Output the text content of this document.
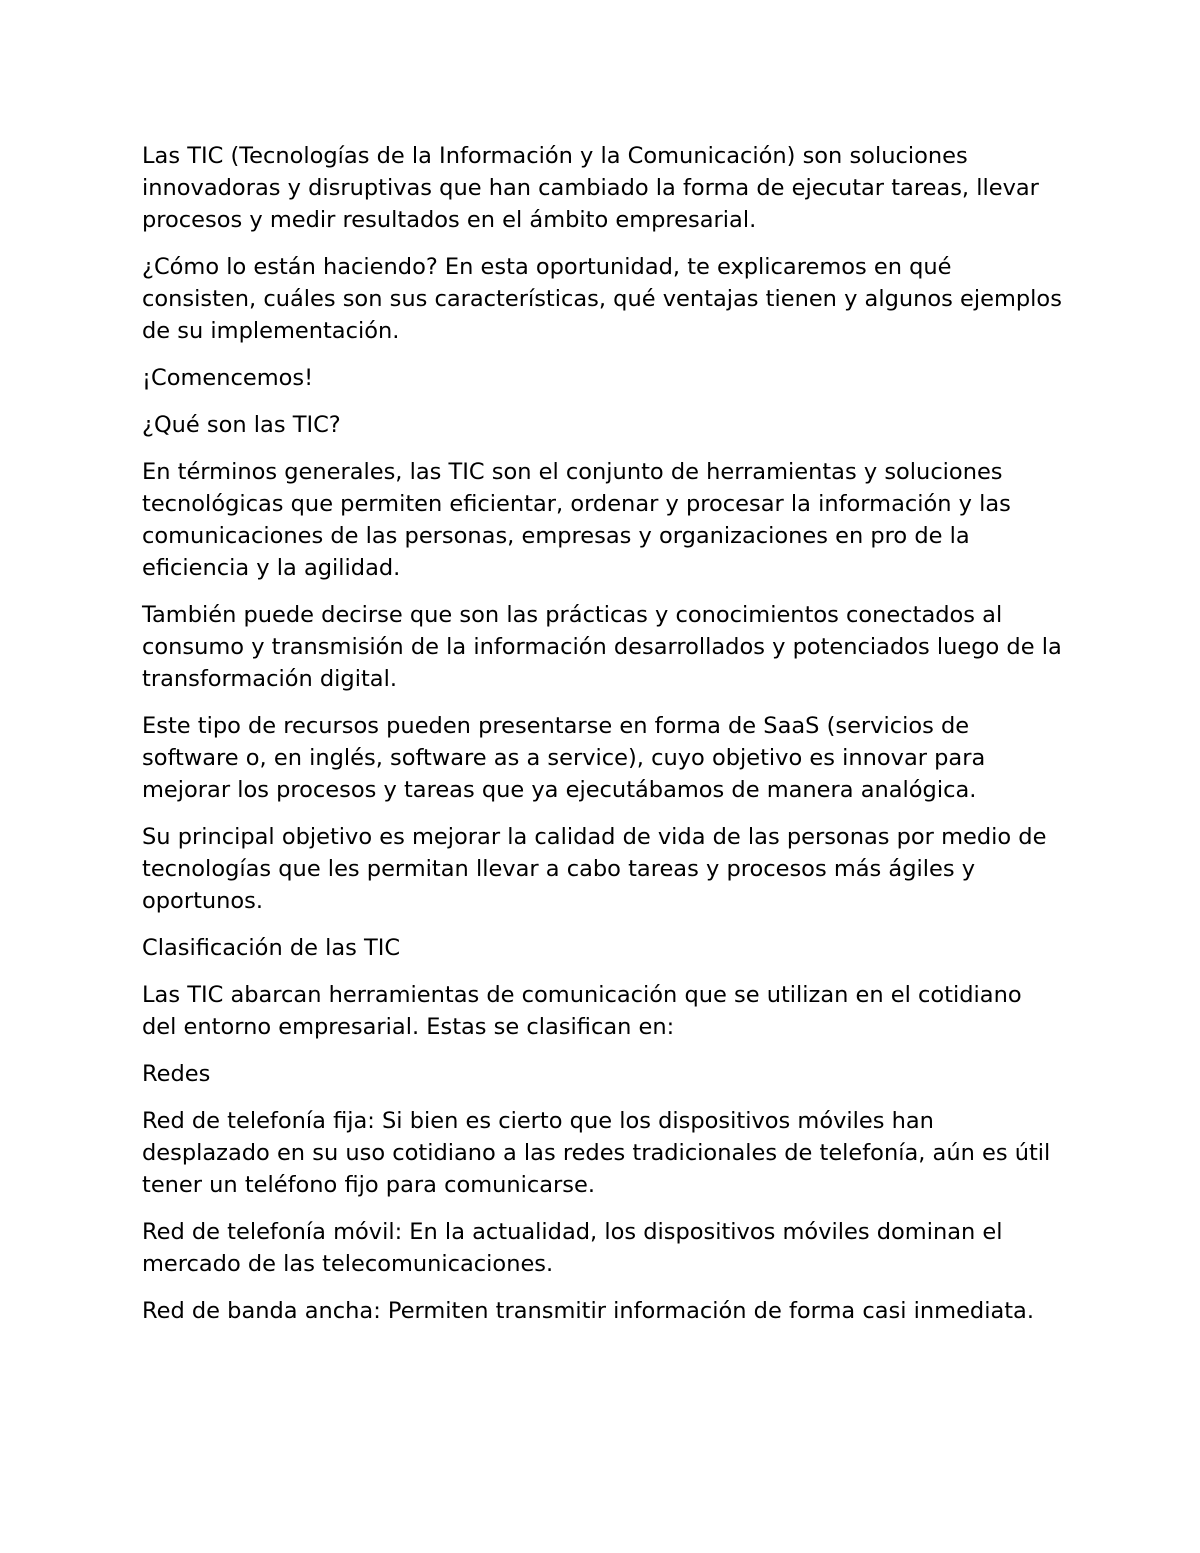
Las TIC (Tecnologías de la Información y la Comunicación) son soluciones innovadoras y disruptivas que han cambiado la forma de ejecutar tareas, llevar procesos y medir resultados en el ámbito empresarial.

¿Cómo lo están haciendo? En esta oportunidad, te explicaremos en qué consisten, cuáles son sus características, qué ventajas tienen y algunos ejemplos de su implementación.

¡Comencemos!

¿Qué son las TIC?

En términos generales, las TIC son el conjunto de herramientas y soluciones tecnológicas que permiten eficientar, ordenar y procesar la información y las comunicaciones de las personas, empresas y organizaciones en pro de la eficiencia y la agilidad.

También puede decirse que son las prácticas y conocimientos conectados al consumo y transmisión de la información desarrollados y potenciados luego de la transformación digital.

Este tipo de recursos pueden presentarse en forma de SaaS (servicios de software o, en inglés, software as a service), cuyo objetivo es innovar para mejorar los procesos y tareas que ya ejecutábamos de manera analógica.

Su principal objetivo es mejorar la calidad de vida de las personas por medio de tecnologías que les permitan llevar a cabo tareas y procesos más ágiles y oportunos.

Clasificación de las TIC

Las TIC abarcan herramientas de comunicación que se utilizan en el cotidiano del entorno empresarial. Estas se clasifican en:

Redes

Red de telefonía fija: Si bien es cierto que los dispositivos móviles han desplazado en su uso cotidiano a las redes tradicionales de telefonía, aún es útil tener un teléfono fijo para comunicarse.

Red de telefonía móvil: En la actualidad, los dispositivos móviles dominan el mercado de las telecomunicaciones.

Red de banda ancha: Permiten transmitir información de forma casi inmediata.
